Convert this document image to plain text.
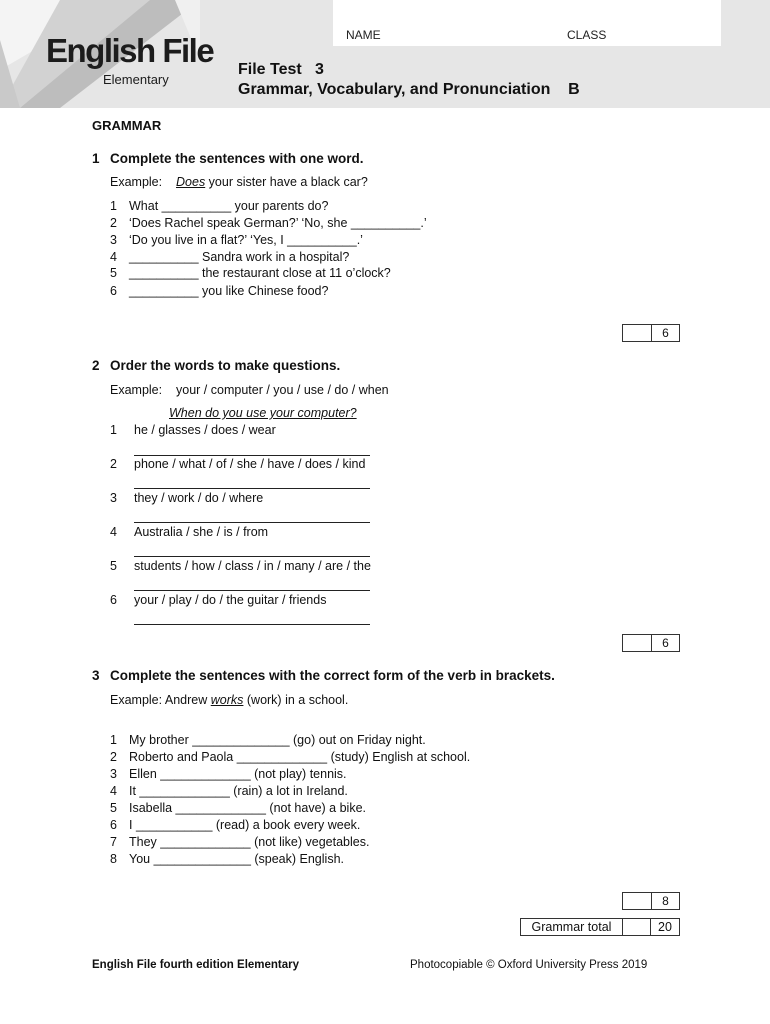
English File
Elementary
NAME	CLASS
File Test   3
Grammar, Vocabulary, and Pronunciation    B
GRAMMAR
1 Complete the sentences with one word.
Example: Does your sister have a black car?
1 What __________ your parents do?
2 ‘Does Rachel speak German?’ ‘No, she __________.’
3 ‘Do you live in a flat?’ ‘Yes, I __________.’
4 __________ Sandra work in a hospital?
5 __________ the restaurant close at 11 o’clock?
6 __________ you like Chinese food?
6
2 Order the words to make questions.
Example: your / computer / you / use / do / when
When do you use your computer?
1 he / glasses / does / wear
2 phone / what / of / she / have / does / kind
3 they / work / do / where
4 Australia / she / is / from
5 students / how / class / in / many / are / the
6 your / play / do / the guitar / friends
6
3 Complete the sentences with the correct form of the verb in brackets.
Example: Andrew works (work) in a school.
1 My brother ______________ (go) out on Friday night.
2 Roberto and Paola _____________ (study) English at school.
3 Ellen _____________ (not play) tennis.
4 It _____________ (rain) a lot in Ireland.
5 Isabella _____________ (not have) a bike.
6 I ___________ (read) a book every week.
7 They _____________ (not like) vegetables.
8 You ______________ (speak) English.
8
Grammar total	20
English File fourth edition Elementary	Photocopiable © Oxford University Press 2019
